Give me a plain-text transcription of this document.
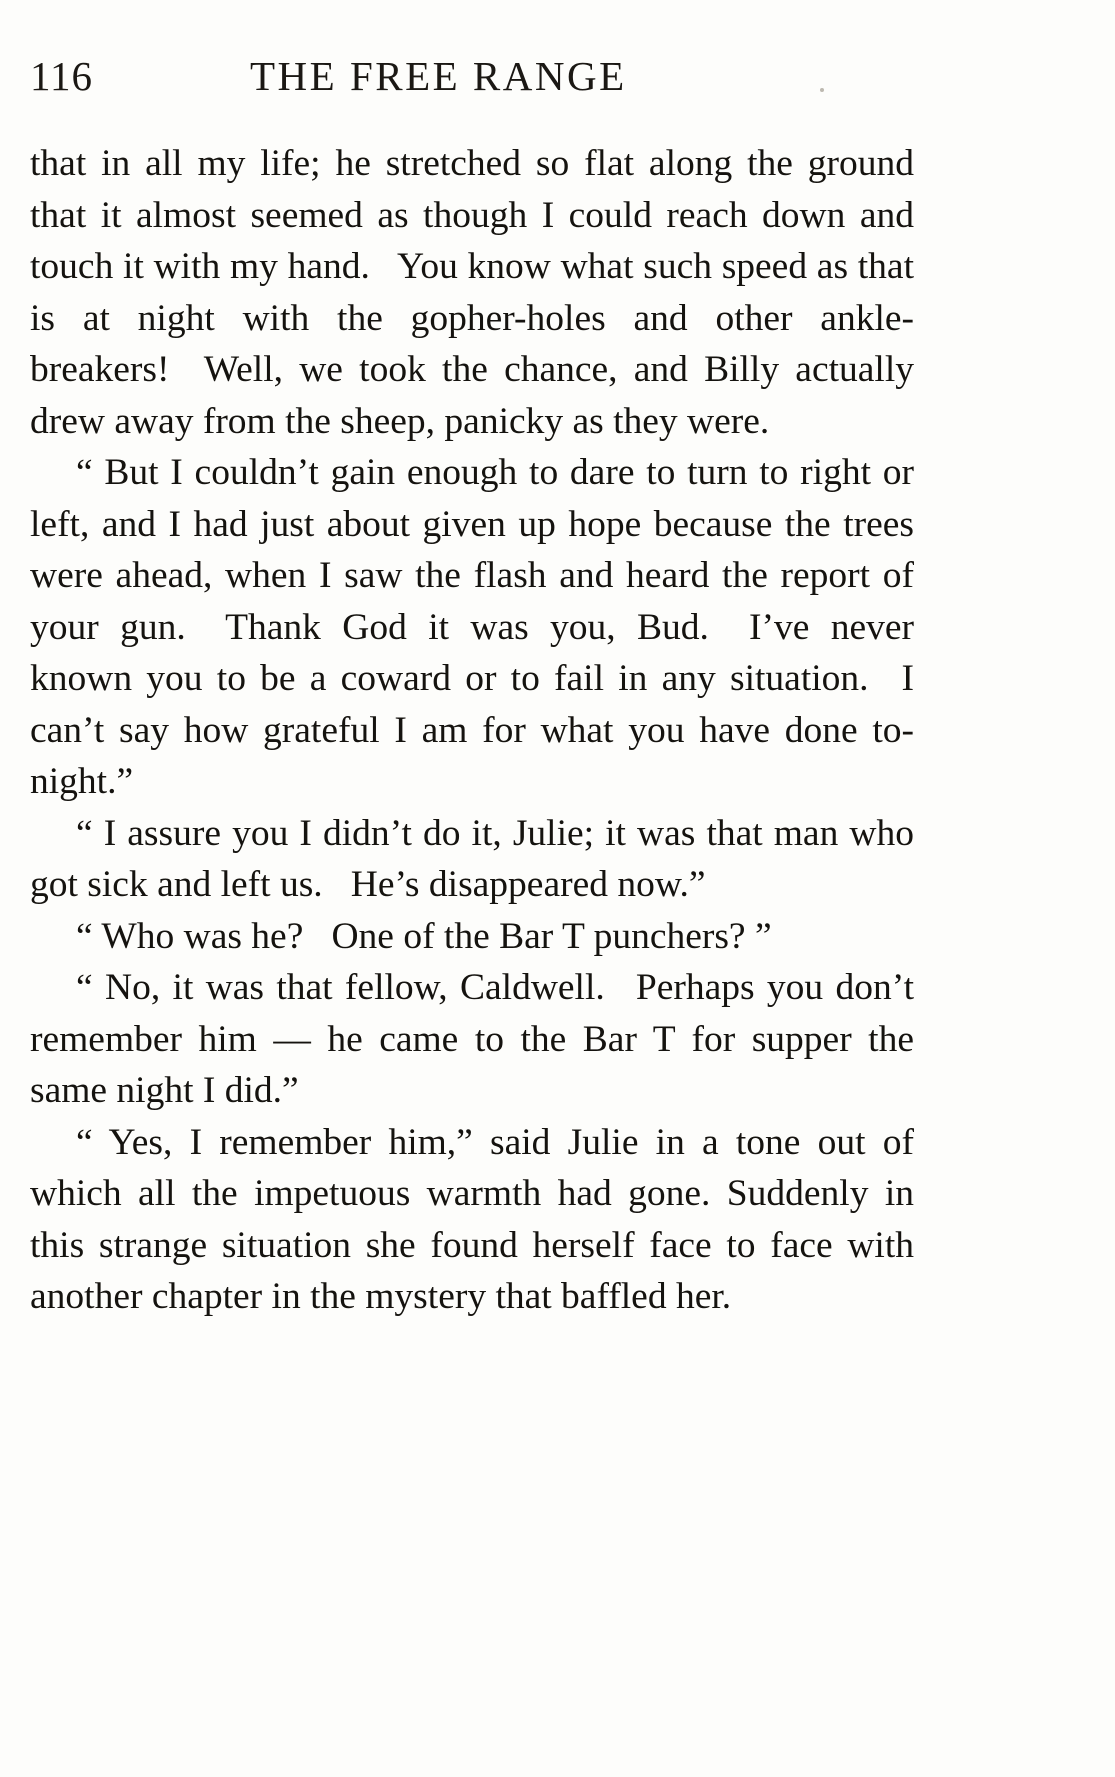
116	THE FREE RANGE

that in all my life; he stretched so flat along the ground that it almost seemed as though I could reach down and touch it with my hand.  You know what such speed as that is at night with the gopher-holes and other ankle-breakers!  Well, we took the chance, and Billy actually drew away from the sheep, panicky as they were.

“ But I couldn’t gain enough to dare to turn to right or left, and I had just about given up hope because the trees were ahead, when I saw the flash and heard the report of your gun.  Thank God it was you, Bud.  I’ve never known you to be a coward or to fail in any situation.  I can’t say how grateful I am for what you have done to-night.”

“ I assure you I didn’t do it, Julie; it was that man who got sick and left us.  He’s disappeared now.”

“ Who was he?  One of the Bar T punchers? ”

“ No, it was that fellow, Caldwell.  Perhaps you don’t remember him — he came to the Bar T for supper the same night I did.”

“ Yes, I remember him,” said Julie in a tone out of which all the impetuous warmth had gone. Suddenly in this strange situation she found herself face to face with another chapter in the mystery that baffled her.
